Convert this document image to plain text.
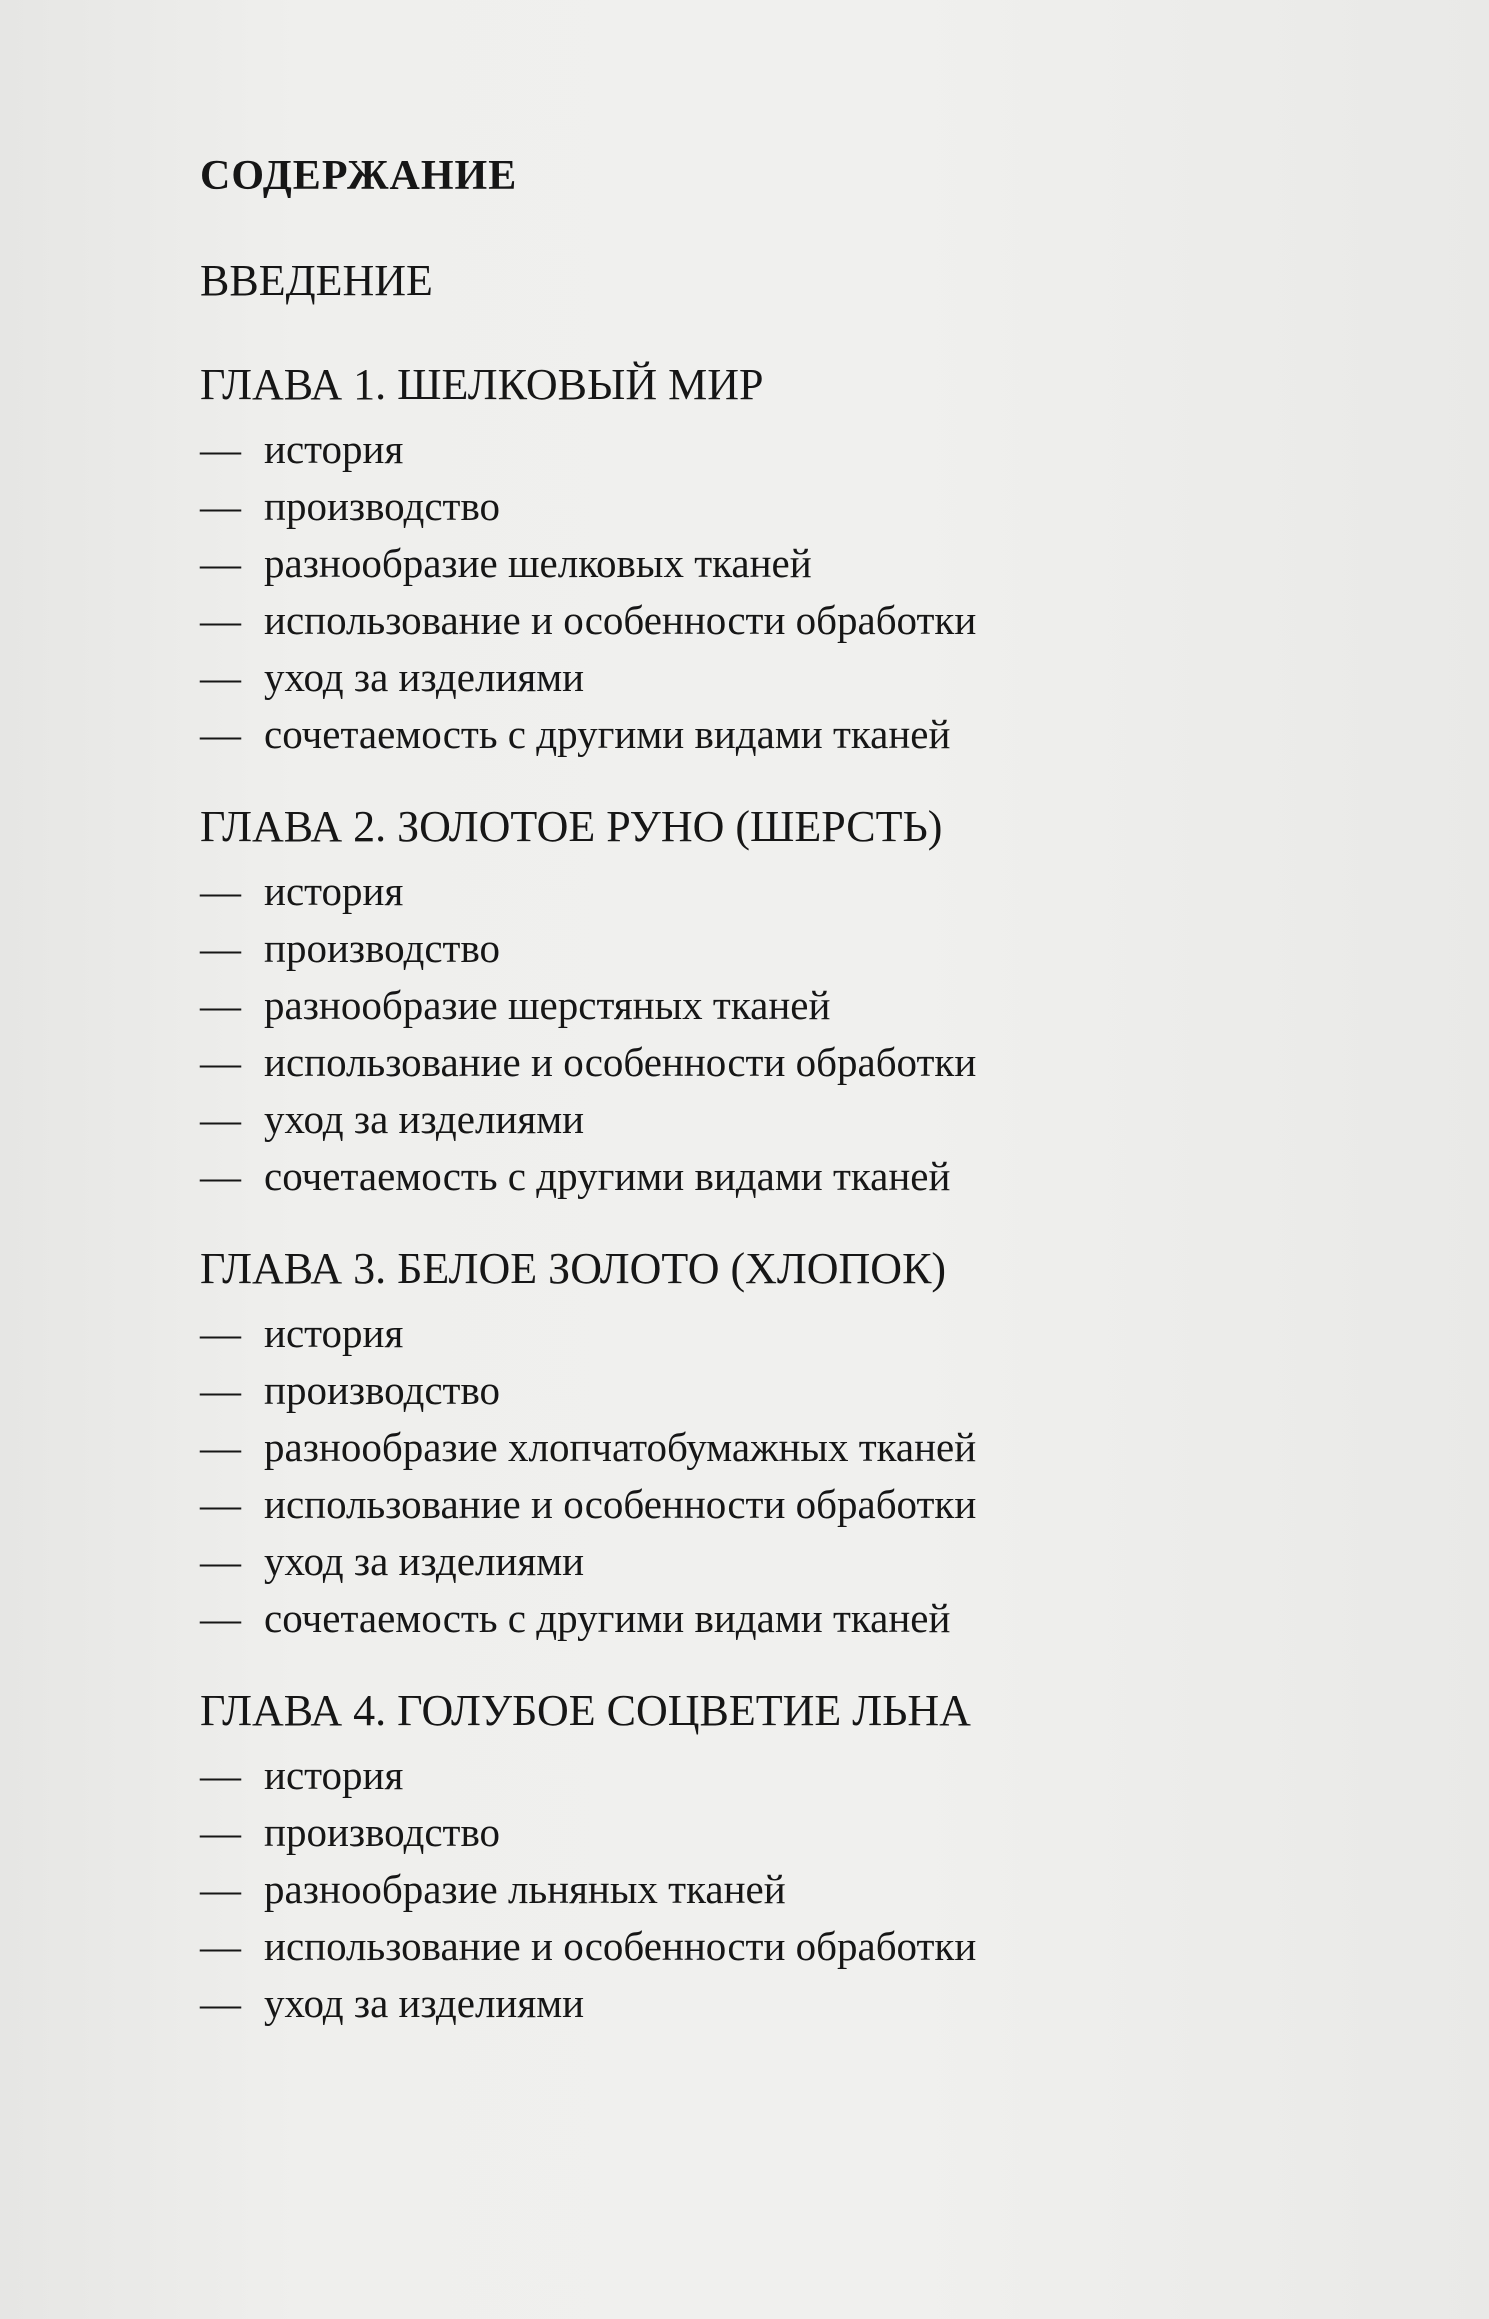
СОДЕРЖАНИЕ
ВВЕДЕНИЕ
ГЛАВА 1. ШЕЛКОВЫЙ МИР
— история
— производство
— разнообразие шелковых тканей
— использование и особенности обработки
— уход за изделиями
— сочетаемость с другими видами тканей
ГЛАВА 2. ЗОЛОТОЕ РУНО (ШЕРСТЬ)
— история
— производство
— разнообразие шерстяных тканей
— использование и особенности обработки
— уход за изделиями
— сочетаемость с другими видами тканей
ГЛАВА 3. БЕЛОЕ ЗОЛОТО (ХЛОПОК)
— история
— производство
— разнообразие хлопчатобумажных тканей
— использование и особенности обработки
— уход за изделиями
— сочетаемость с другими видами тканей
ГЛАВА 4. ГОЛУБОЕ СОЦВЕТИЕ ЛЬНА
— история
— производство
— разнообразие льняных тканей
— использование и особенности обработки
— уход за изделиями
